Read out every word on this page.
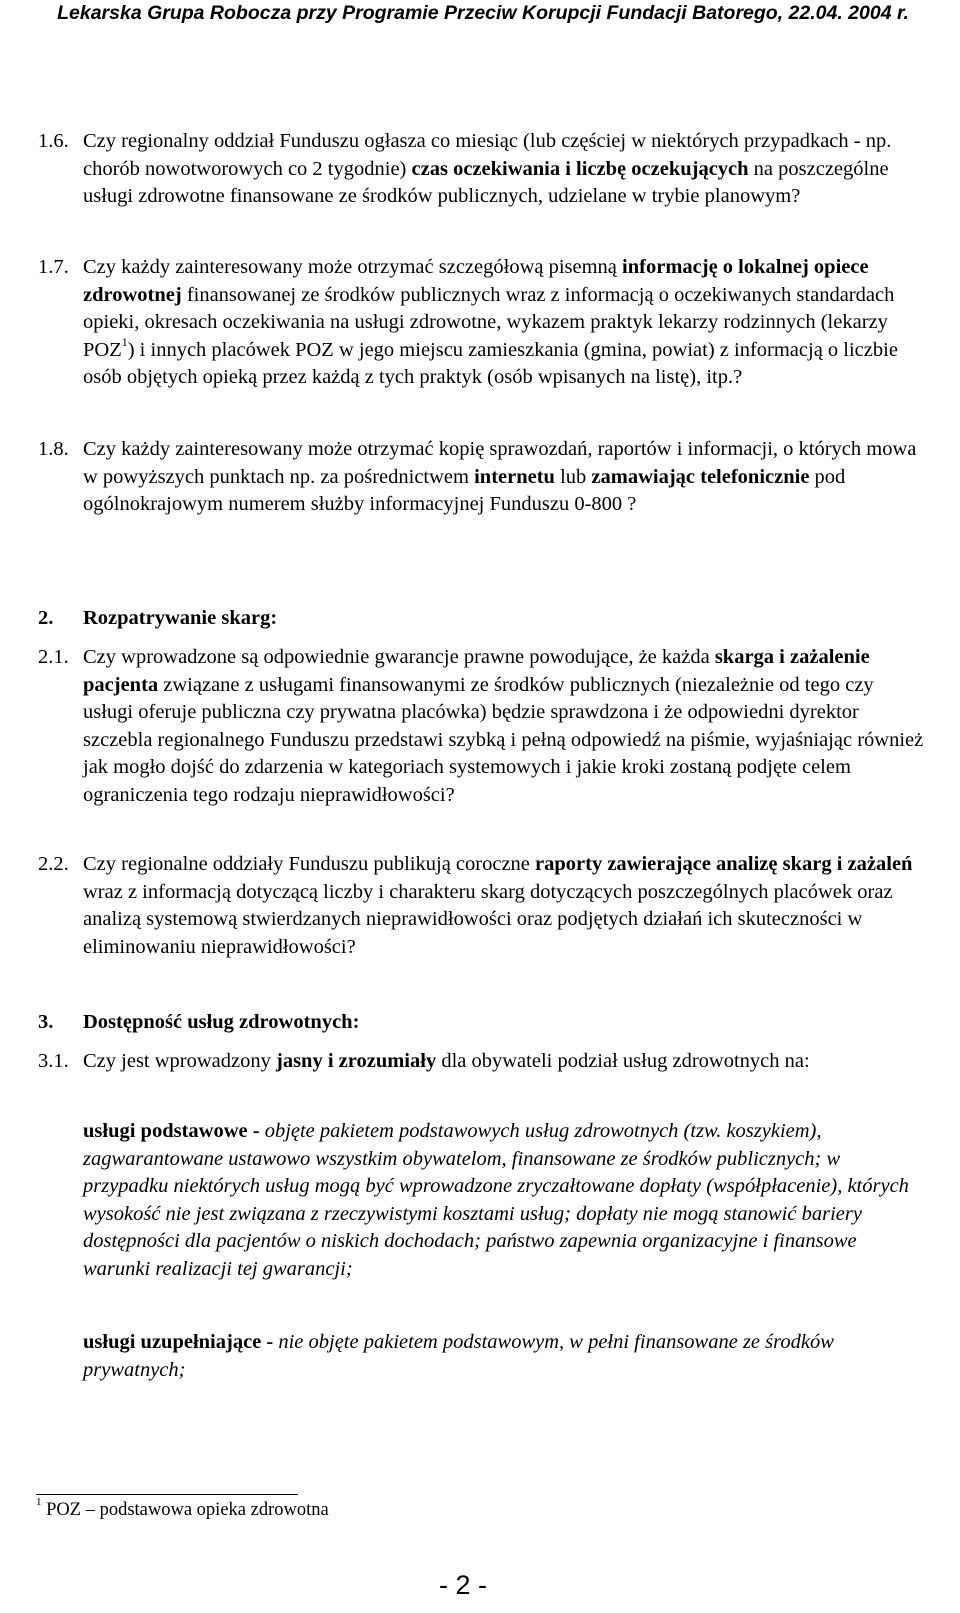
Lekarska Grupa Robocza przy Programie Przeciw Korupcji Fundacji Batorego, 22.04. 2004 r.
1.6. Czy regionalny oddział Funduszu ogłasza co miesiąc (lub częściej w niektórych przypadkach - np. chorób nowotworowych co 2 tygodnie) czas oczekiwania i liczbę oczekujących na poszczególne usługi zdrowotne finansowane ze środków publicznych, udzielane w trybie planowym?
1.7. Czy każdy zainteresowany może otrzymać szczegółową pisemną informację o lokalnej opiece zdrowotnej finansowanej ze środków publicznych wraz z informacją o oczekiwanych standardach opieki, okresach oczekiwania na usługi zdrowotne, wykazem praktyk lekarzy rodzinnych (lekarzy POZ$^1$) i innych placówek POZ w jego miejscu zamieszkania (gmina, powiat) z informacją o liczbie osób objętych opieką przez każdą z tych praktyk (osób wpisanych na listę), itp.?
1.8. Czy każdy zainteresowany może otrzymać kopię sprawozdań, raportów i informacji, o których mowa w powyższych punktach np. za pośrednictwem internetu lub zamawiając telefonicznie pod ogólnokrajowym numerem służby informacyjnej Funduszu 0-800 ?
2. Rozpatrywanie skarg:
2.1. Czy wprowadzone są odpowiednie gwarancje prawne powodujące, że każda skarga i zażalenie pacjenta związane z usługami finansowanymi ze środków publicznych (niezależnie od tego czy usługi oferuje publiczna czy prywatna placówka) będzie sprawdzona i że odpowiedni dyrektor szczebla regionalnego Funduszu przedstawi szybką i pełną odpowiedź na piśmie, wyjaśniając również jak mogło dojść do zdarzenia w kategoriach systemowych i jakie kroki zostaną podjęte celem ograniczenia tego rodzaju nieprawidłowości?
2.2. Czy regionalne oddziały Funduszu publikują coroczne raporty zawierające analizę skarg i zażaleń wraz z informacją dotyczącą liczby i charakteru skarg dotyczących poszczególnych placówek oraz analizą systemową stwierdzanych nieprawidłowości oraz podjętych działań ich skuteczności w eliminowaniu nieprawidłowości?
3. Dostępność usług zdrowotnych:
3.1. Czy jest wprowadzony jasny i zrozumiały dla obywateli podział usług zdrowotnych na:
usługi podstawowe - objęte pakietem podstawowych usług zdrowotnych (tzw. koszykiem), zagwarantowane ustawowo wszystkim obywatelom, finansowane ze środków publicznych; w przypadku niektórych usług mogą być wprowadzone zryczałtowane dopłaty (współpłacenie), których wysokość nie jest związana z rzeczywistymi kosztami usług; dopłaty nie mogą stanowić bariery dostępności dla pacjentów o niskich dochodach; państwo zapewnia organizacyjne i finansowe warunki realizacji tej gwarancji;
usługi uzupełniające - nie objęte pakietem podstawowym, w pełni finansowane ze środków prywatnych;
$^1$ POZ – podstawowa opieka zdrowotna
- 2 -
